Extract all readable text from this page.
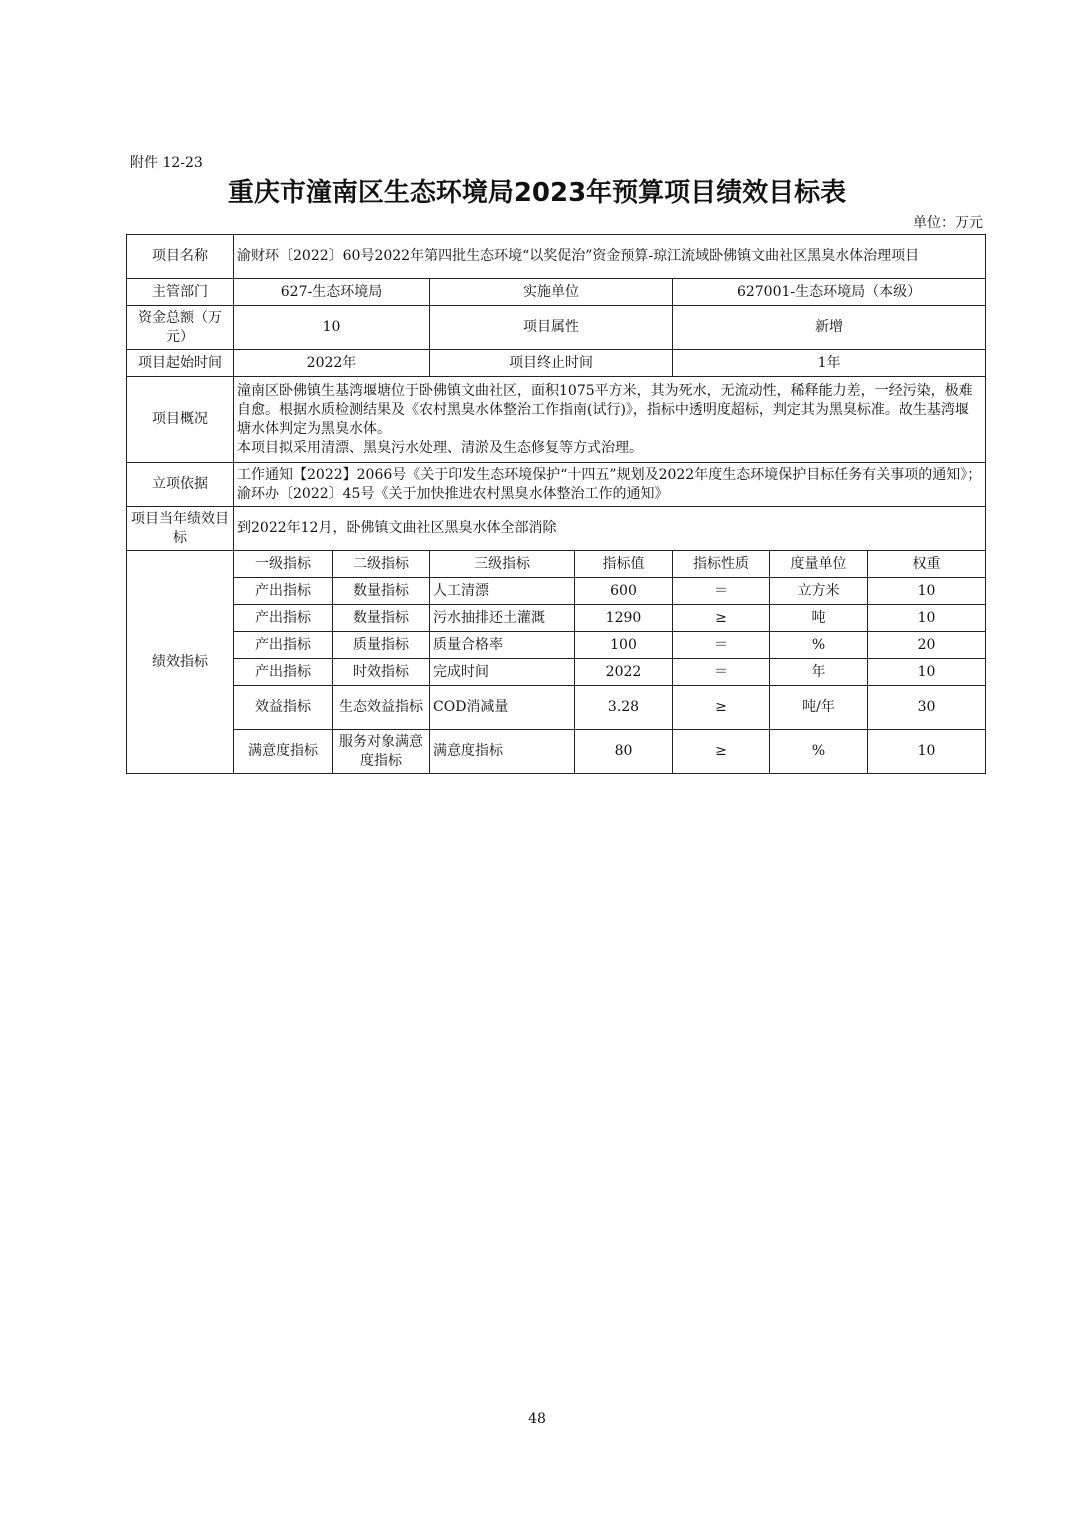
附件 12-23
重庆市潼南区生态环境局2023年预算项目绩效目标表
单位：万元
项目名称	渝财环〔2022〕60号2022年第四批生态环境“以奖促治”资金预算-琼江流域卧佛镇文曲社区黑臭水体治理项目						
主管部门	627-生态环境局		实施单位		627001-生态环境局（本级）		
资金总额（万元）	10		项目属性		新增		
项目起始时间	2022年		项目终止时间		1年		
项目概况	潼南区卧佛镇生基湾堰塘位于卧佛镇文曲社区，面积1075平方米，其为死水，无流动性，稀释能力差，一经污染，极难自愈。根据水质检测结果及《农村黑臭水体整治工作指南(试行)》，指标中透明度超标，判定其为黑臭标准。故生基湾堰塘水体判定为黑臭水体。
本项目拟采用清漂、黑臭污水处理、清淤及生态修复等方式治理。						

立项依据	工作通知【2022】2066号《关于印发生态环境保护“十四五”规划及2022年度生态环境保护目标任务有关事项的通知》；渝环办〔2022〕45号《关于加快推进农村黑臭水体整治工作的通知》						
项目当年绩效目标	到2022年12月，卧佛镇文曲社区黑臭水体全部消除						
绩效指标	一级指标	二级指标	三级指标	指标值	指标性质	度量单位	权重
	产出指标	数量指标	人工清漂	600	＝	立方米	10
	产出指标	数量指标	污水抽排还土灌溉	1290	≥	吨	10
	产出指标	质量指标	质量合格率	100	＝	%	20
	产出指标	时效指标	完成时间	2022	＝	年	10
	效益指标	生态效益指标	COD消减量	3.28	≥	吨/年	30
	满意度指标	服务对象满意度指标	满意度指标	80	≥	%	10
48
